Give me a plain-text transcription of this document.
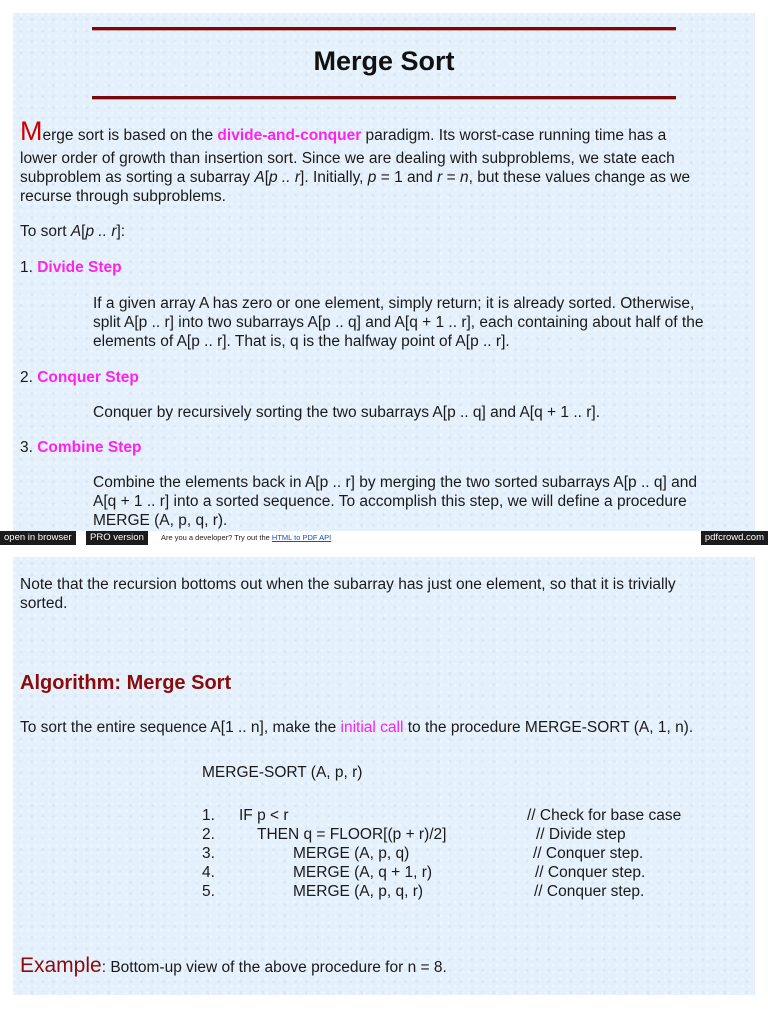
Merge Sort
Merge sort is based on the divide-and-conquer paradigm. Its worst-case running time has a
lower order of growth than insertion sort. Since we are dealing with subproblems, we state each
subproblem as sorting a subarray A[p .. r]. Initially, p = 1 and r = n, but these values change as we
recurse through subproblems.
To sort A[p .. r]:
1. Divide Step
If a given array A has zero or one element, simply return; it is already sorted. Otherwise,
split A[p .. r] into two subarrays A[p .. q] and A[q + 1 .. r], each containing about half of the
elements of A[p .. r]. That is, q is the halfway point of A[p .. r].
2. Conquer Step
Conquer by recursively sorting the two subarrays A[p .. q] and A[q + 1 .. r].
3. Combine Step
Combine the elements back in A[p .. r] by merging the two sorted subarrays A[p .. q] and
A[q + 1 .. r] into a sorted sequence. To accomplish this step, we will define a procedure
MERGE (A, p, q, r).
open in browser	PRO version	Are you a developer? Try out the HTML to PDF API	pdfcrowd.com
Note that the recursion bottoms out when the subarray has just one element, so that it is trivially
sorted.
Algorithm: Merge Sort
To sort the entire sequence A[1 .. n], make the initial call to the procedure MERGE-SORT (A, 1, n).
MERGE-SORT (A, p, r)
1. IF p < r	// Check for base case
2.	THEN q = FLOOR[(p + r)/2]	// Divide step
3.	MERGE (A, p, q)	// Conquer step.
4.	MERGE (A, q + 1, r)	// Conquer step.
5.	MERGE (A, p, q, r)	// Conquer step.
Example: Bottom-up view of the above procedure for n = 8.
